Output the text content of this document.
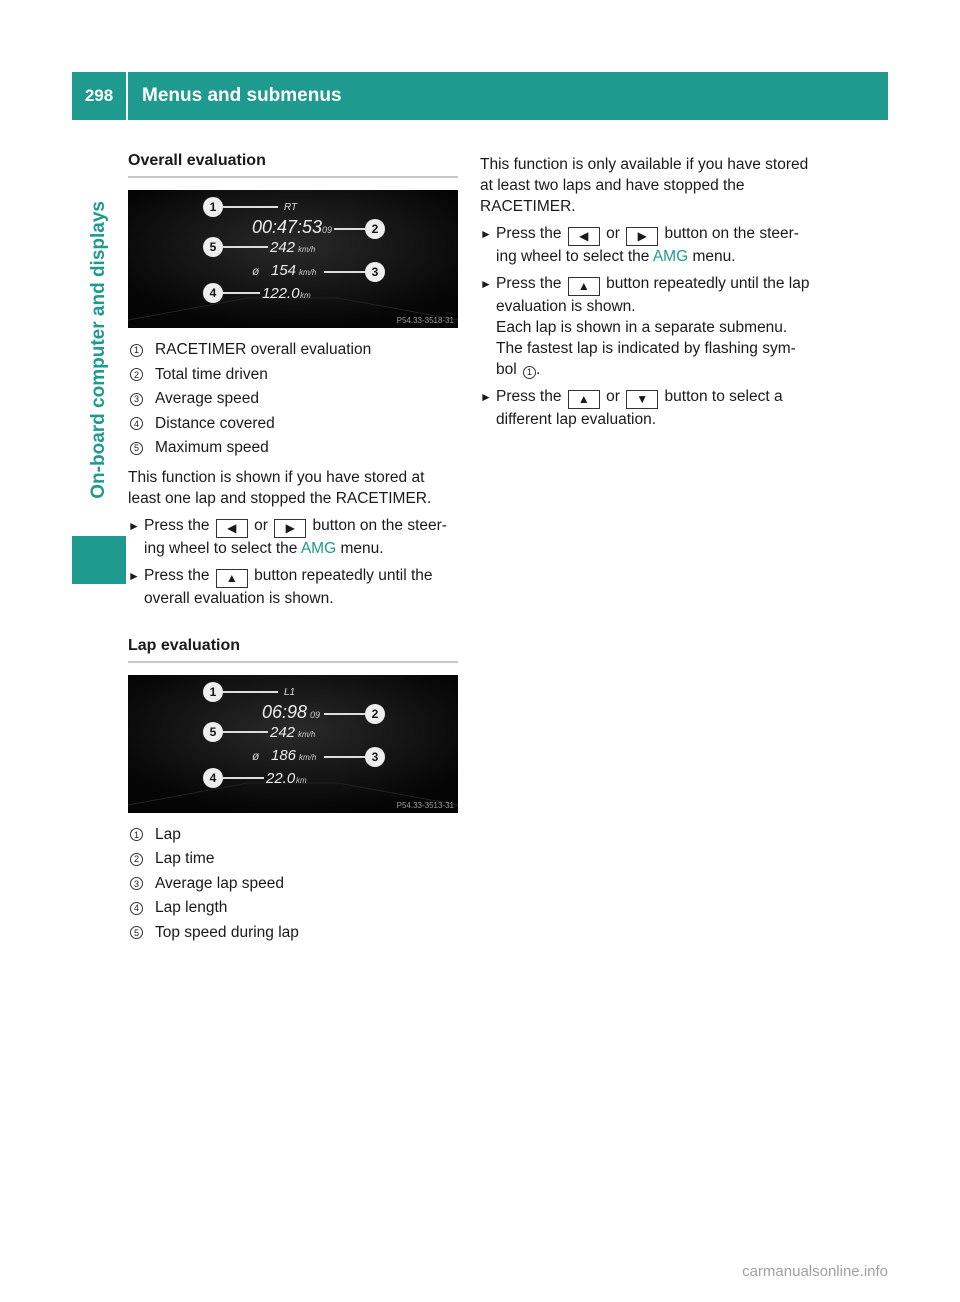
298	Menus and submenus
On-board computer and displays
Overall evaluation
1	RT
00:47:53 09	2
5	242 km/h
ø 154 km/h	3
4	122.0 km
P54.33-3518-31
1 RACETIMER overall evaluation
2 Total time driven
3 Average speed
4 Distance covered
5 Maximum speed

This function is shown if you have stored at least one lap and stopped the RACETIMER.

► Press the ◀ or ▶ button on the steer-ing wheel to select the AMG menu.
► Press the ▲ button repeatedly until the overall evaluation is shown.
Lap evaluation
1	L1
06:98 09	2
5	242 km/h
ø 186 km/h	3
4	22.0 km
P54.33-3513-31
1 Lap
2 Lap time
3 Average lap speed
4 Lap length
5 Top speed during lap

This function is only available if you have stored at least two laps and have stopped the RACETIMER.

► Press the ◀ or ▶ button on the steer-ing wheel to select the AMG menu.
► Press the ▲ button repeatedly until the lap evaluation is shown.
Each lap is shown in a separate submenu.
The fastest lap is indicated by flashing sym-bol 1 .
► Press the ▲ or ▼ button to select a different lap evaluation.
carmanualsonline.info
